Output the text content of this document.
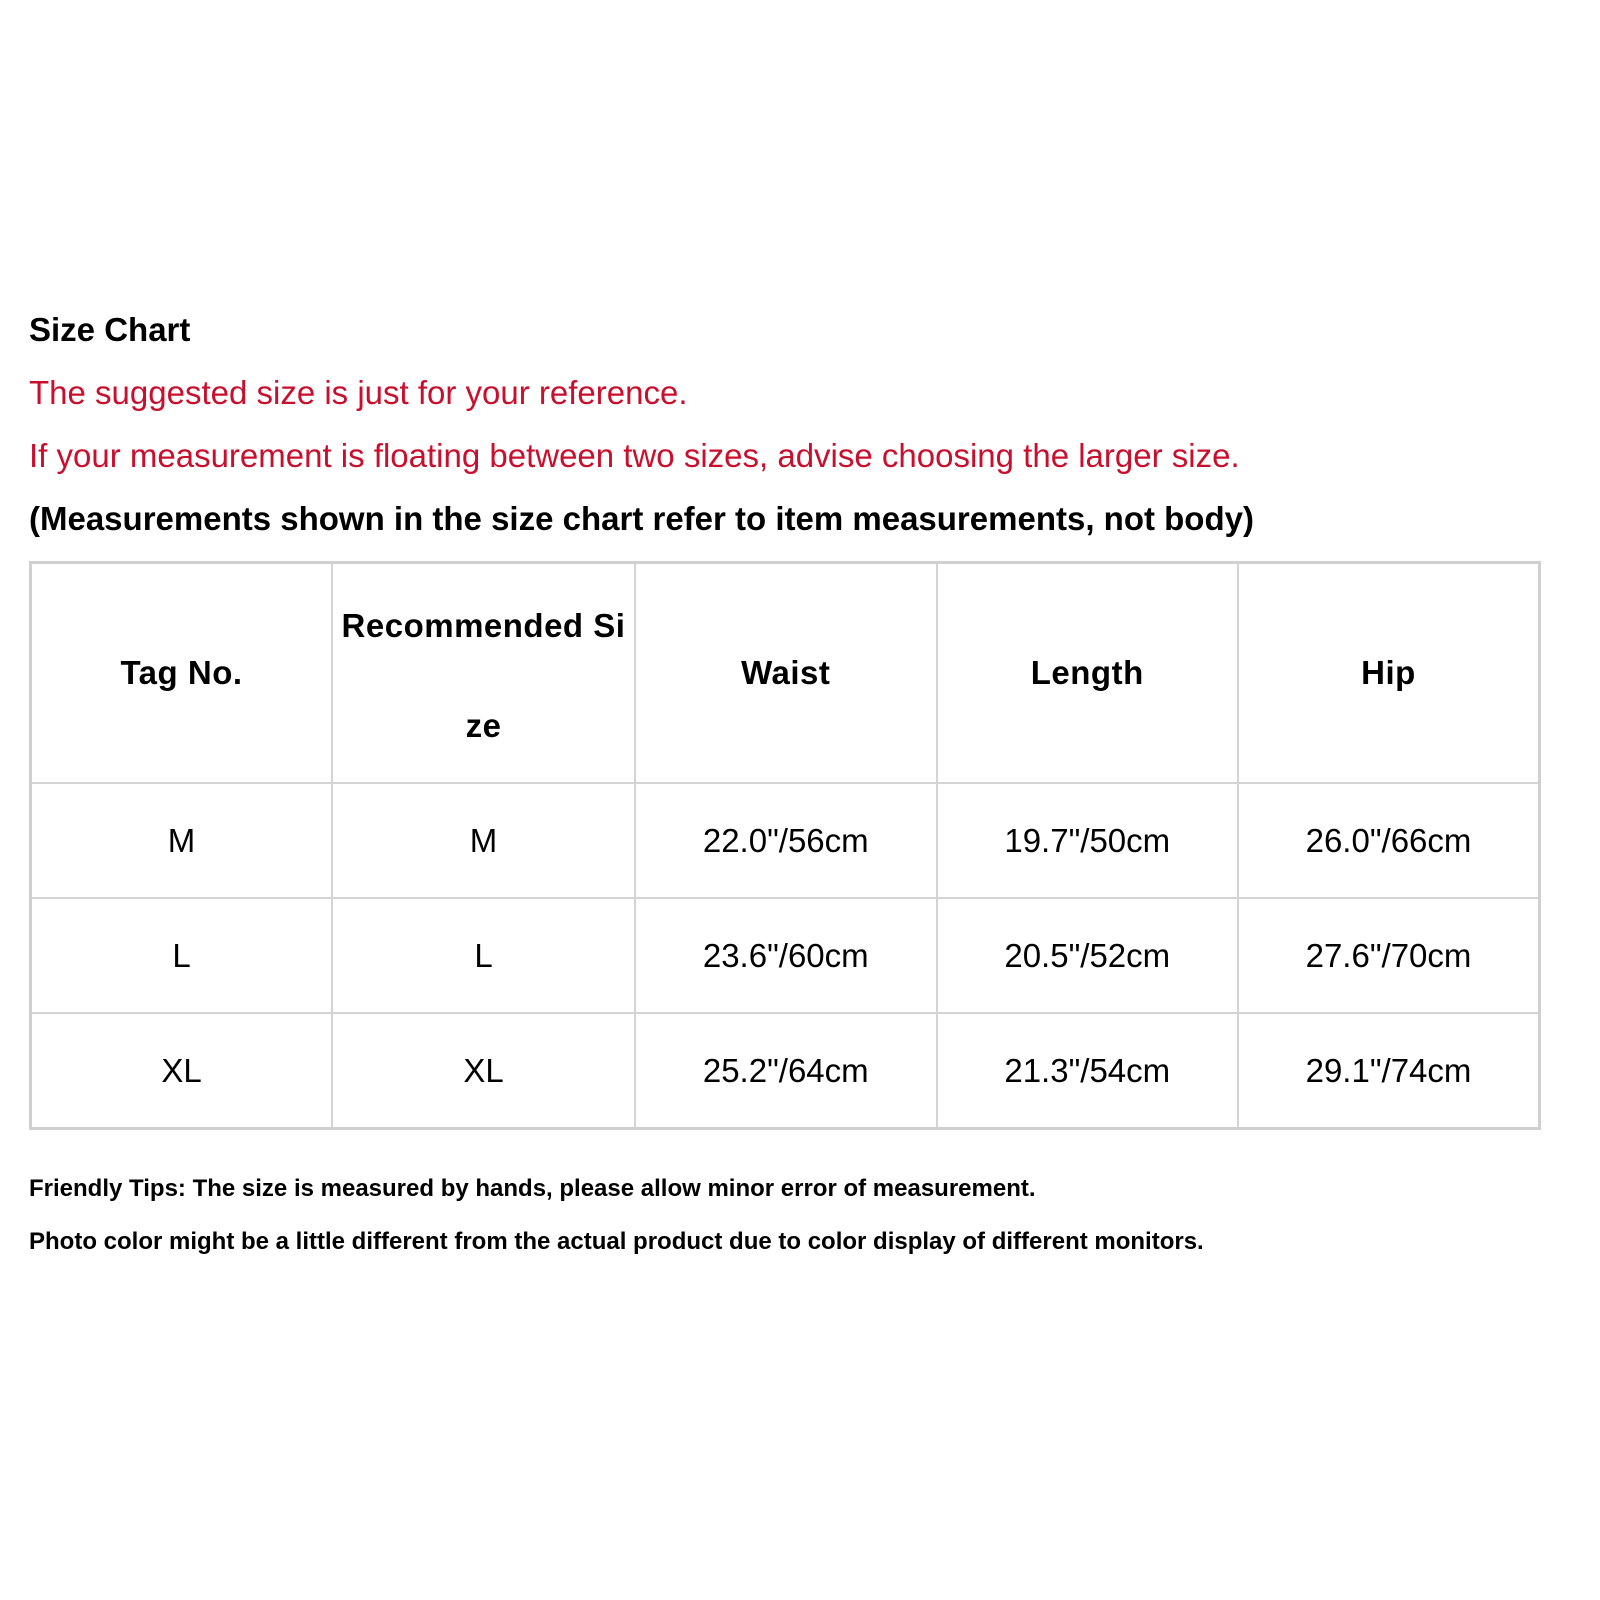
Size Chart
The suggested size is just for your reference.
If your measurement is floating between two sizes, advise choosing the larger size.
(Measurements shown in the size chart refer to item measurements, not body)
Tag No.	Recommended Size	Waist	Length	Hip
M	M	22.0"/56cm	19.7"/50cm	26.0"/66cm
L	L	23.6"/60cm	20.5"/52cm	27.6"/70cm
XL	XL	25.2"/64cm	21.3"/54cm	29.1"/74cm

Friendly Tips: The size is measured by hands, please allow minor error of measurement.

Photo color might be a little different from the actual product due to color display of different monitors.
